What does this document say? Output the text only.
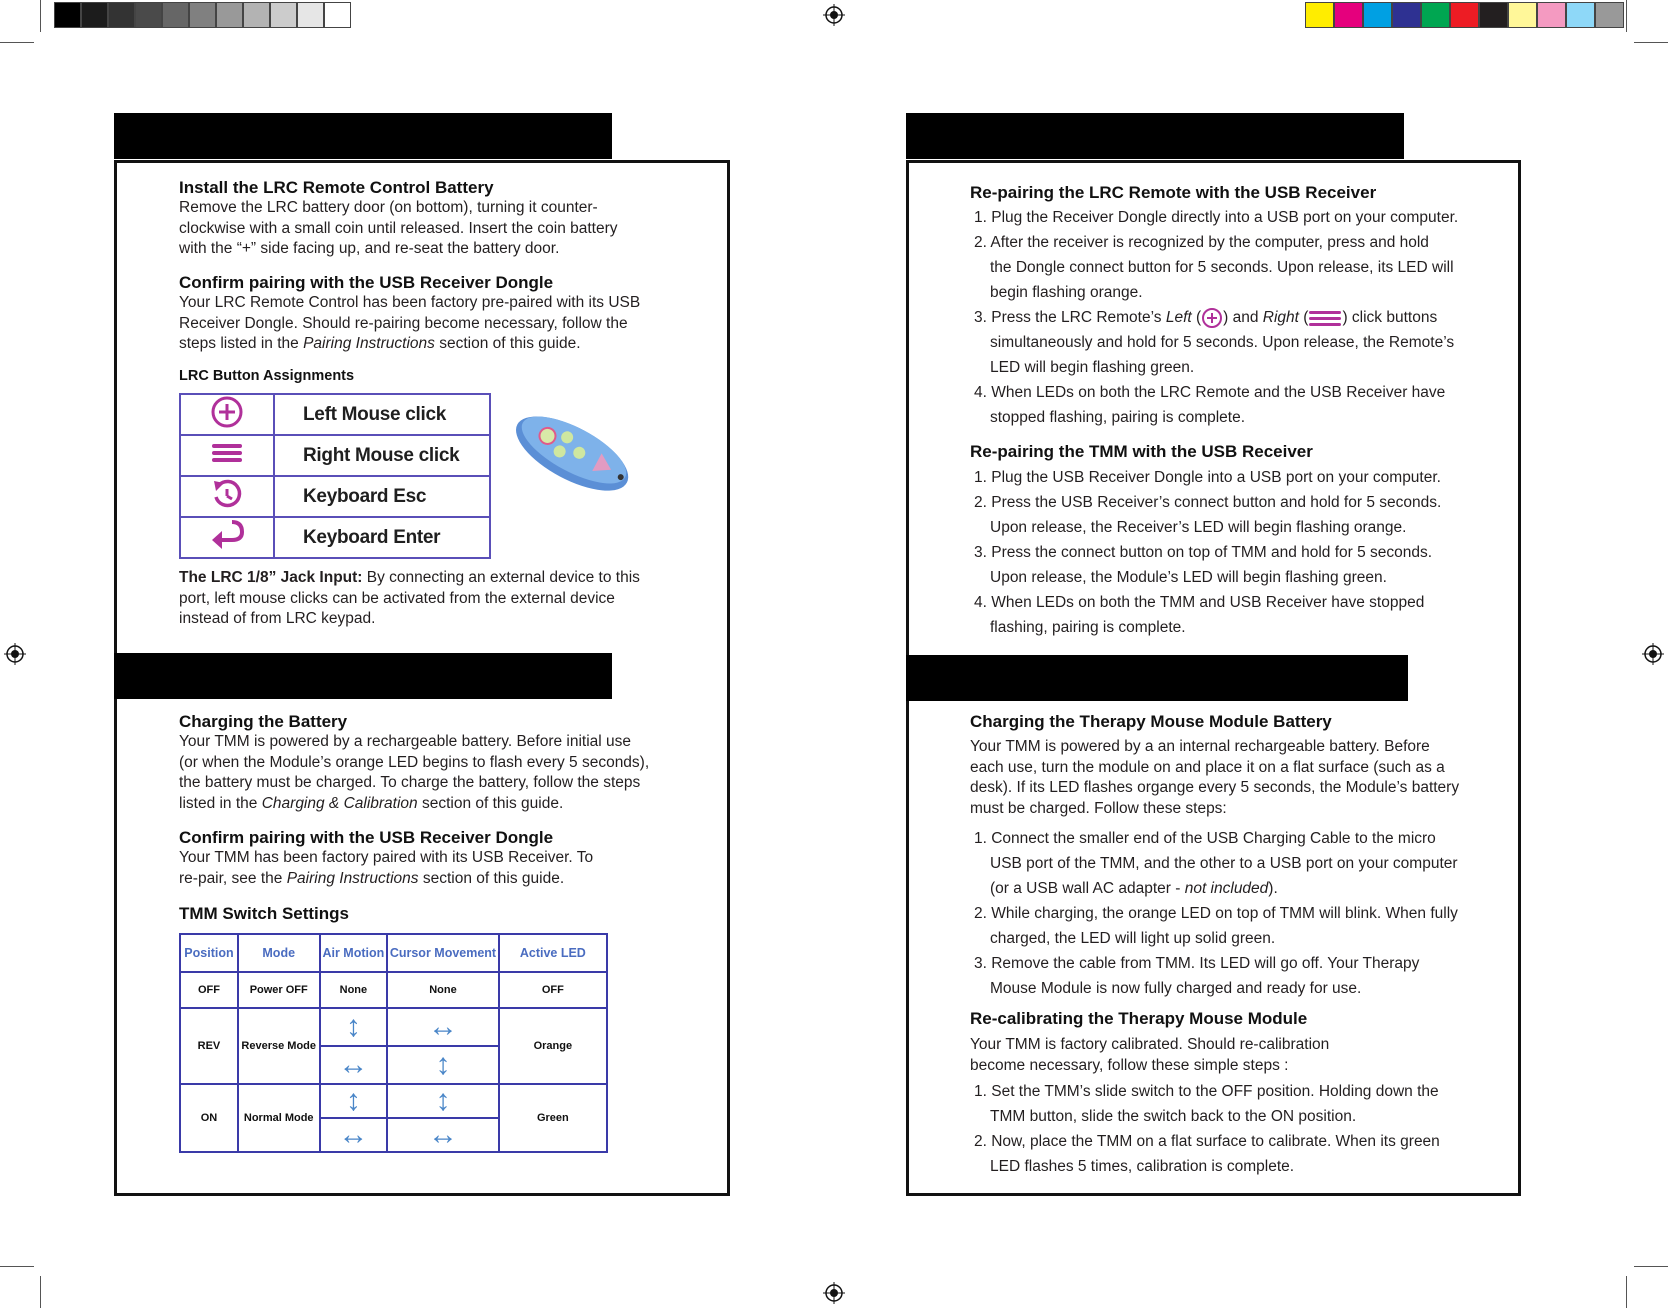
Install the LRC Remote Control Battery
Remove the LRC battery door (on bottom), turning it counter-
clockwise with a small coin until released. Insert the coin battery
with the “+” side facing up, and re-seat the battery door.
Confirm pairing with the USB Receiver Dongle
Your LRC Remote Control has been factory pre-paired with its USB
Receiver Dongle. Should re-pairing become necessary, follow the
steps listed in the Pairing Instructions section of this guide.
LRC Button Assignments
	Left Mouse click
	Right Mouse click
	Keyboard Esc
	Keyboard Enter
The LRC 1/8” Jack Input: By connecting an external device to this
port, left mouse clicks can be activated from the external device
instead of from LRC keypad.
Charging the Battery
Your TMM is powered by a rechargeable battery. Before initial use
(or when the Module’s orange LED begins to flash every 5 seconds),
the battery must be charged. To charge the battery, follow the steps
listed in the Charging & Calibration section of this guide.
Confirm pairing with the USB Receiver Dongle
Your TMM has been factory paired with its USB Receiver. To
re-pair, see the Pairing Instructions section of this guide.
TMM Switch Settings
Position	Mode	Air Motion	Cursor Movement	Active LED
OFF	Power OFF	None	None	OFF
REV	Reverse Mode	↕	↔	Orange
		↔	↕	
ON	Normal Mode	↕	↕	Green
		↔	↔	
Re-pairing the LRC Remote with the USB Receiver
1. Plug the Receiver Dongle directly into a USB port on your computer.
2. After the receiver is recognized by the computer, press and hold
the Dongle connect button for 5 seconds. Upon release, its LED will
begin flashing orange.
3. Press the LRC Remote’s Left ( ) and Right ( ) click buttons
simultaneously and hold for 5 seconds. Upon release, the Remote’s
LED will begin flashing green.
4. When LEDs on both the LRC Remote and the USB Receiver have
stopped flashing, pairing is complete.
Re-pairing the TMM with the USB Receiver
1. Plug the USB Receiver Dongle into a USB port on your computer.
2. Press the USB Receiver’s connect button and hold for 5 seconds.
Upon release, the Receiver’s LED will begin flashing orange.
3. Press the connect button on top of TMM and hold for 5 seconds.
Upon release, the Module’s LED will begin flashing green.
4. When LEDs on both the TMM and USB Receiver have stopped
flashing, pairing is complete.
Charging the Therapy Mouse Module Battery
Your TMM is powered by a an internal rechargeable battery. Before
each use, turn the module on and place it on a flat surface (such as a
desk). If its LED flashes organge every 5 seconds, the Module’s battery
must be charged. Follow these steps:
1. Connect the smaller end of the USB Charging Cable to the micro
USB port of the TMM, and the other to a USB port on your computer
(or a USB wall AC adapter - not included).
2. While charging, the orange LED on top of TMM will blink. When fully
charged, the LED will light up solid green.
3. Remove the cable from TMM. Its LED will go off. Your Therapy
Mouse Module is now fully charged and ready for use.
Re-calibrating the Therapy Mouse Module
Your TMM is factory calibrated. Should re-calibration
become necessary, follow these simple steps :
1. Set the TMM’s slide switch to the OFF position. Holding down the
TMM button, slide the switch back to the ON position.
2. Now, place the TMM on a flat surface to calibrate. When its green
LED flashes 5 times, calibration is complete.
